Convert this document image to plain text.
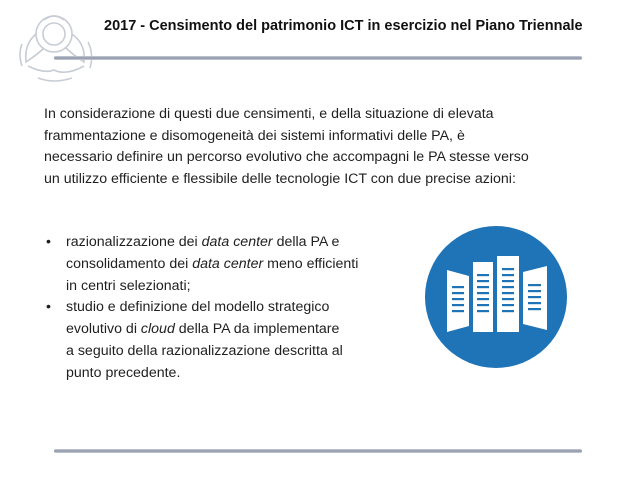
2017 - Censimento del patrimonio ICT in esercizio nel Piano Triennale
In considerazione di questi due censimenti, e della situazione di elevata
frammentazione e disomogeneità dei sistemi informativi delle PA, è
necessario definire un percorso evolutivo che accompagni le PA stesse verso
un utilizzo efficiente e flessibile delle tecnologie ICT con due precise azioni:
• razionalizzazione dei data center della PA e
consolidamento dei data center meno efficienti
in centri selezionati;
• studio e definizione del modello strategico
evolutivo di cloud della PA da implementare
a seguito della razionalizzazione descritta al
punto precedente.
